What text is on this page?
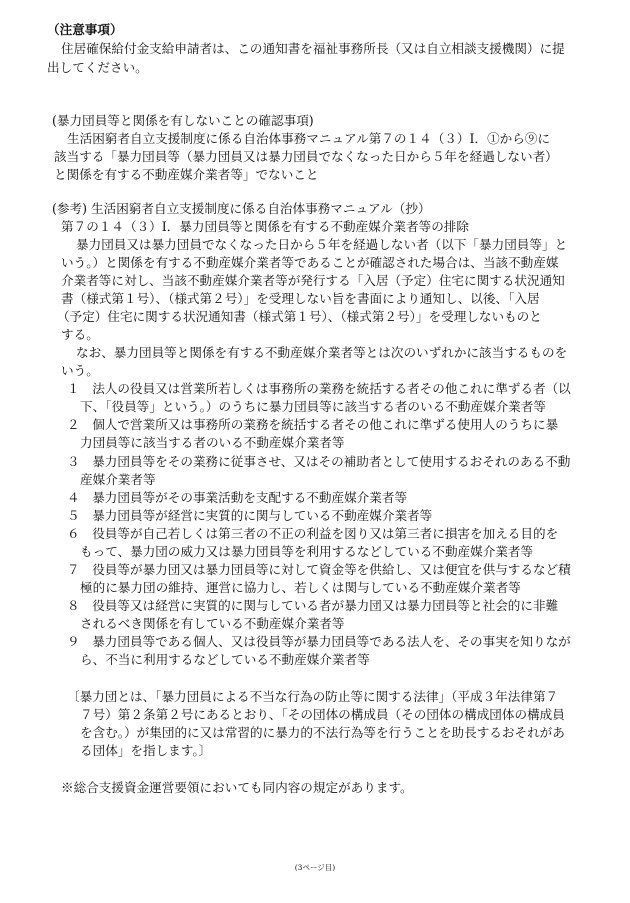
（注意事項）
住居確保給付金支給申請者は、この通知書を福祉事務所長（又は自立相談支援機関）に提
出してください。
(暴力団員等と関係を有しないことの確認事項)
生活困窮者自立支援制度に係る自治体事務マニュアル第７の１４（３）Ⅰ．①から⑨に
該当する「暴力団員等（暴力団員又は暴力団員でなくなった日から５年を経過しない者）
と関係を有する不動産媒介業者等」でないこと
(参考) 生活困窮者自立支援制度に係る自治体事務マニュアル（抄）
第７の１４（３）Ⅰ．暴力団員等と関係を有する不動産媒介業者等の排除
暴力団員又は暴力団員でなくなった日から５年を経過しない者（以下「暴力団員等」と
いう。）と関係を有する不動産媒介業者等であることが確認された場合は、当該不動産媒
介業者等に対し、当該不動産媒介業者等が発行する「入居（予定）住宅に関する状況通知
書（様式第１号）、（様式第２号）」を受理しない旨を書面により通知し、以後、「入居
（予定）住宅に関する状況通知書（様式第１号）、（様式第２号）」を受理しないものと
する。
なお、暴力団員等と関係を有する不動産媒介業者等とは次のいずれかに該当するものを
いう。
１　法人の役員又は営業所若しくは事務所の業務を統括する者その他これに準ずる者（以
下、「役員等」という。）のうちに暴力団員等に該当する者のいる不動産媒介業者等
２　個人で営業所又は事務所の業務を統括する者その他これに準ずる使用人のうちに暴
力団員等に該当する者のいる不動産媒介業者等
３　暴力団員等をその業務に従事させ、又はその補助者として使用するおそれのある不動
産媒介業者等
４　暴力団員等がその事業活動を支配する不動産媒介業者等
５　暴力団員等が経営に実質的に関与している不動産媒介業者等
６　役員等が自己若しくは第三者の不正の利益を図り又は第三者に損害を加える目的を
もって、暴力団の威力又は暴力団員等を利用するなどしている不動産媒介業者等
７　役員等が暴力団又は暴力団員等に対して資金等を供給し、又は便宜を供与するなど積
極的に暴力団の維持、運営に協力し、若しくは関与している不動産媒介業者等
８　役員等又は経営に実質的に関与している者が暴力団又は暴力団員等と社会的に非難
されるべき関係を有している不動産媒介業者等
９　暴力団員等である個人、又は役員等が暴力団員等である法人を、その事実を知りなが
ら、不当に利用するなどしている不動産媒介業者等
〔暴力団とは、「暴力団員による不当な行為の防止等に関する法律」（平成３年法律第７
７号）第２条第２号にあるとおり、「その団体の構成員（その団体の構成団体の構成員
を含む。）が集団的に又は常習的に暴力的不法行為等を行うことを助長するおそれがあ
る団体」を指します。〕
※総合支援資金運営要領においても同内容の規定があります。
(3ページ目)
